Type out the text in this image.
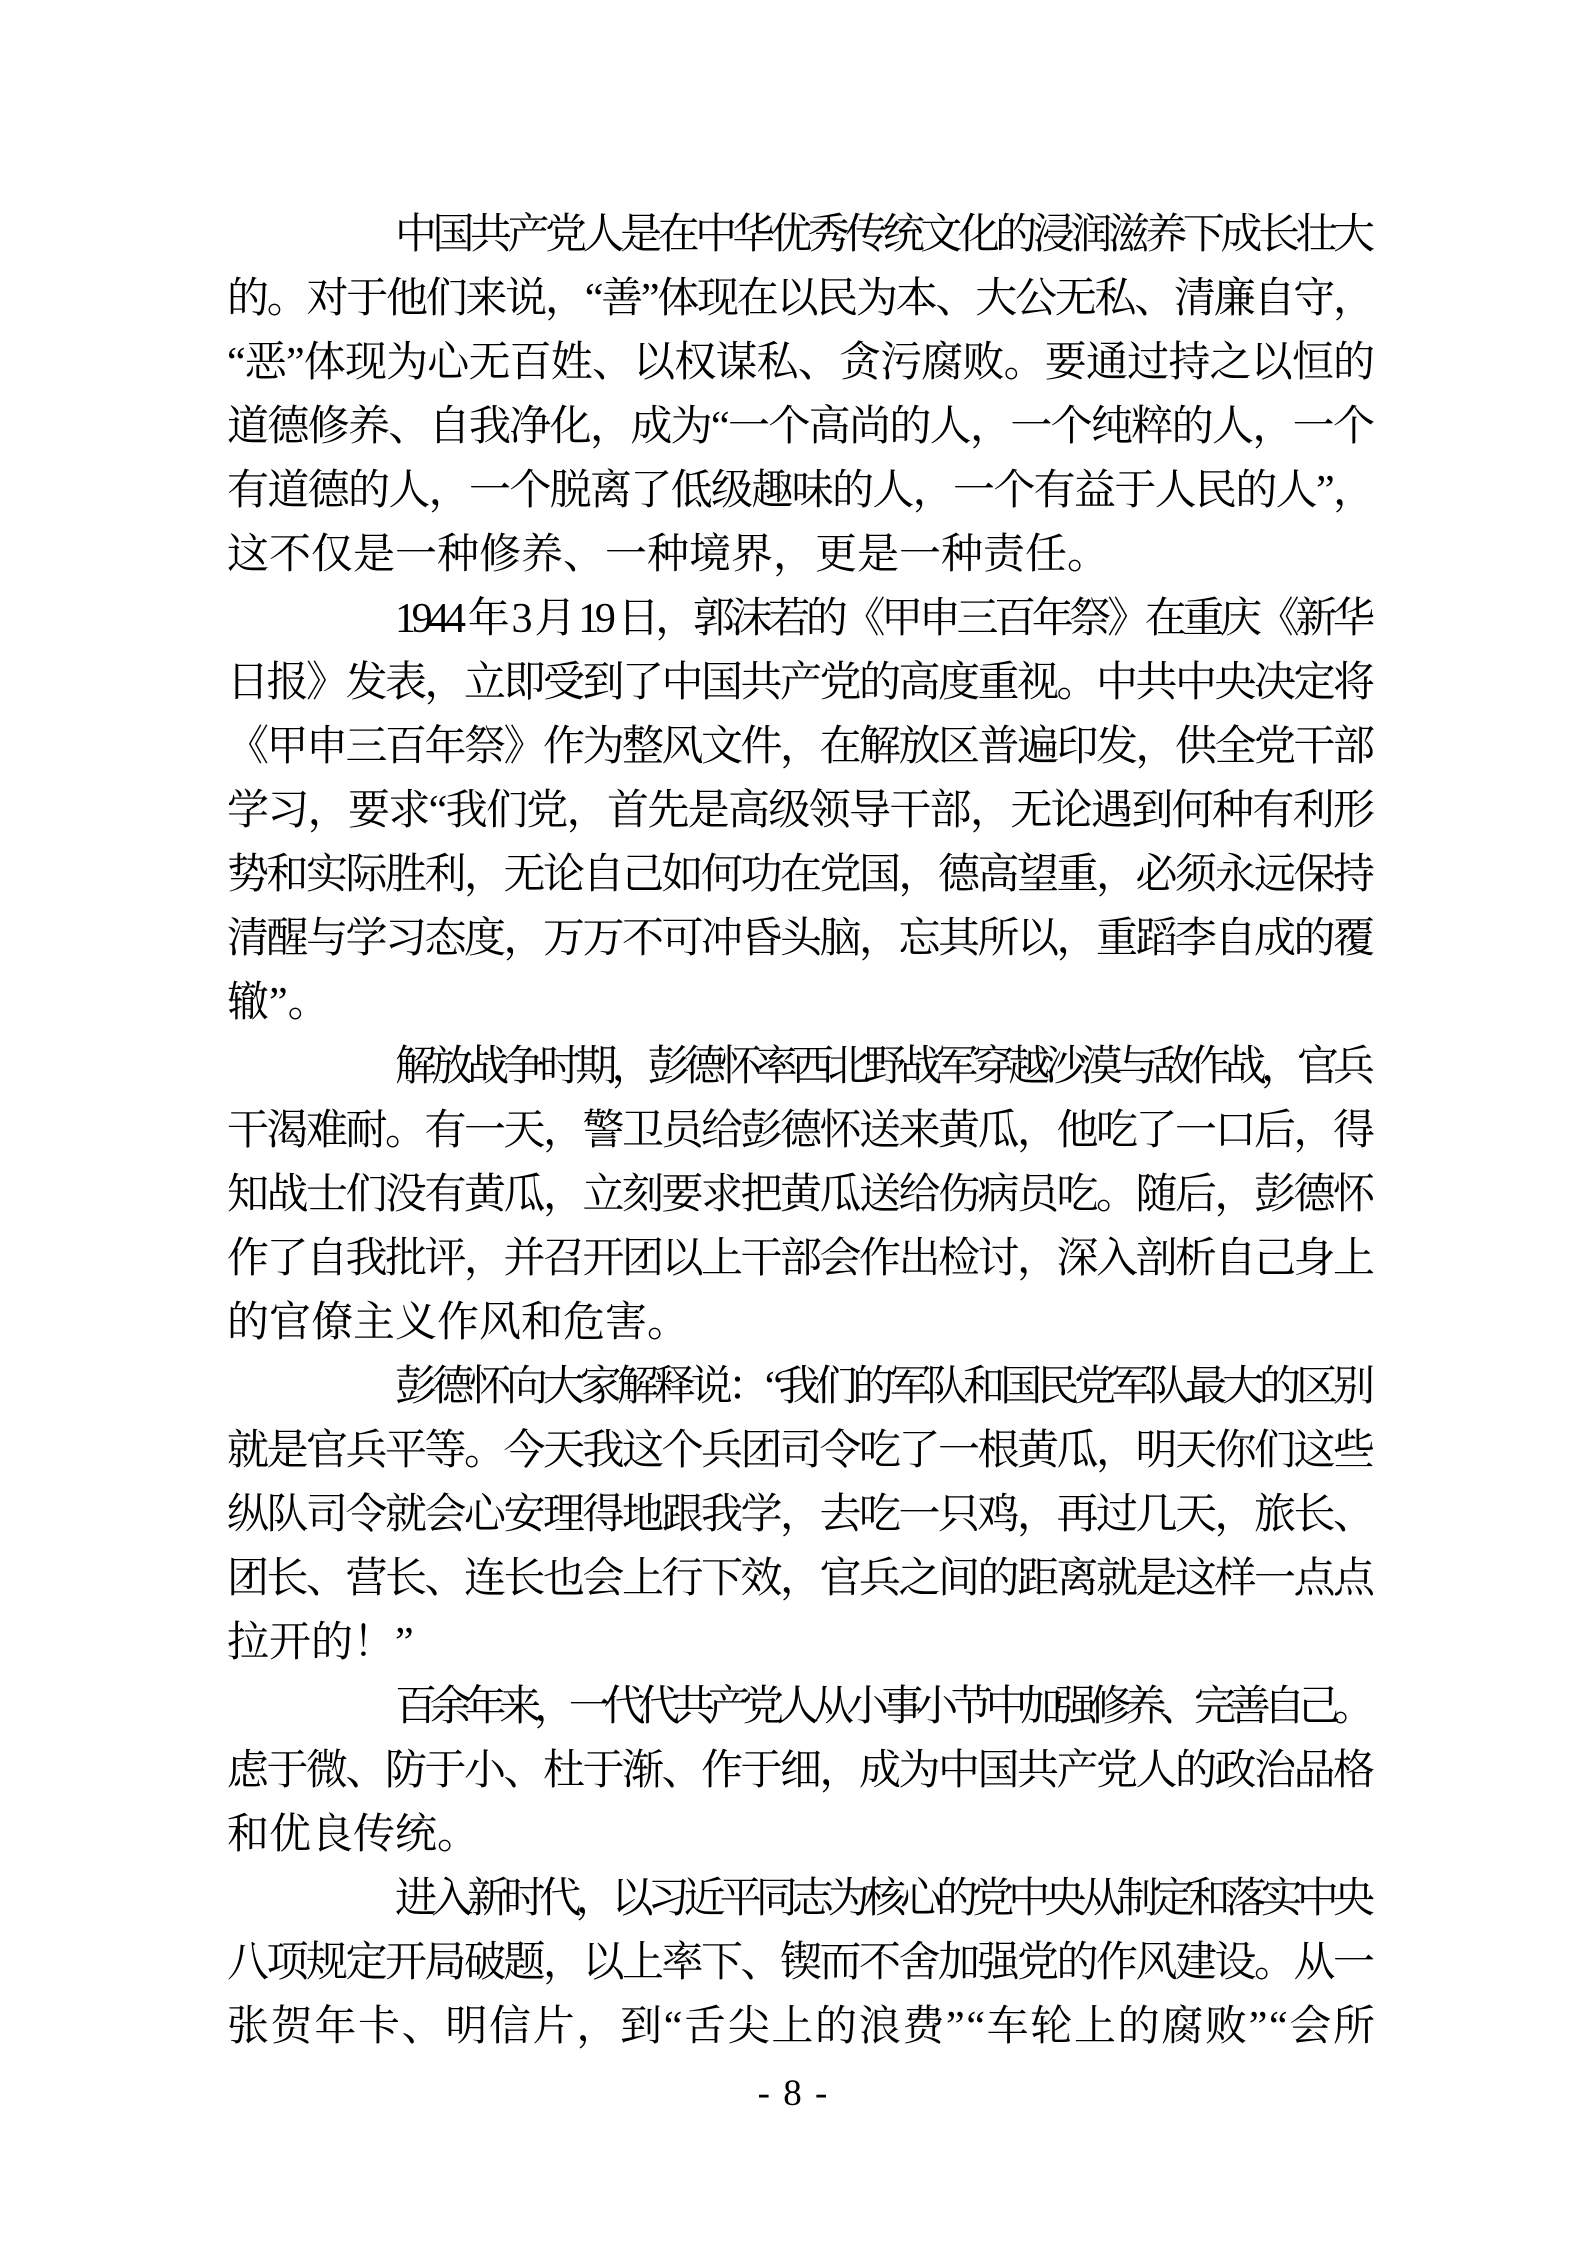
中国共产党人是在中华优秀传统文化的浸润滋养下成长壮大
的。对于他们来说，“善”体现在以民为本、大公无私、清廉自守，
“恶”体现为心无百姓、以权谋私、贪污腐败。要通过持之以恒的
道德修养、自我净化，成为“一个高尚的人，一个纯粹的人，一个
有道德的人，一个脱离了低级趣味的人，一个有益于人民的人”，
这不仅是一种修养、一种境界，更是一种责任。
1944 年 3 月 19 日，郭沫若的《甲申三百年祭》在重庆《新华
日报》发表，立即受到了中国共产党的高度重视。中共中央决定将
《甲申三百年祭》作为整风文件，在解放区普遍印发，供全党干部
学习，要求“我们党，首先是高级领导干部，无论遇到何种有利形
势和实际胜利，无论自己如何功在党国，德高望重，必须永远保持
清醒与学习态度，万万不可冲昏头脑，忘其所以，重蹈李自成的覆
辙”。
解放战争时期，彭德怀率西北野战军穿越沙漠与敌作战，官兵
干渴难耐。有一天，警卫员给彭德怀送来黄瓜，他吃了一口后，得
知战士们没有黄瓜，立刻要求把黄瓜送给伤病员吃。随后，彭德怀
作了自我批评，并召开团以上干部会作出检讨，深入剖析自己身上
的官僚主义作风和危害。
彭德怀向大家解释说：“我们的军队和国民党军队最大的区别
就是官兵平等。今天我这个兵团司令吃了一根黄瓜，明天你们这些
纵队司令就会心安理得地跟我学，去吃一只鸡，再过几天，旅长、
团长、营长、连长也会上行下效，官兵之间的距离就是这样一点点
拉开的！”
百余年来，一代代共产党人从小事小节中加强修养、完善自己。
虑于微、防于小、杜于渐、作于细，成为中国共产党人的政治品格
和优良传统。
进入新时代，以习近平同志为核心的党中央从制定和落实中央
八项规定开局破题，以上率下、锲而不舍加强党的作风建设。从一
张贺年卡、明信片，到“舌尖上的浪费”“车轮上的腐败”“会所
- 8 -
